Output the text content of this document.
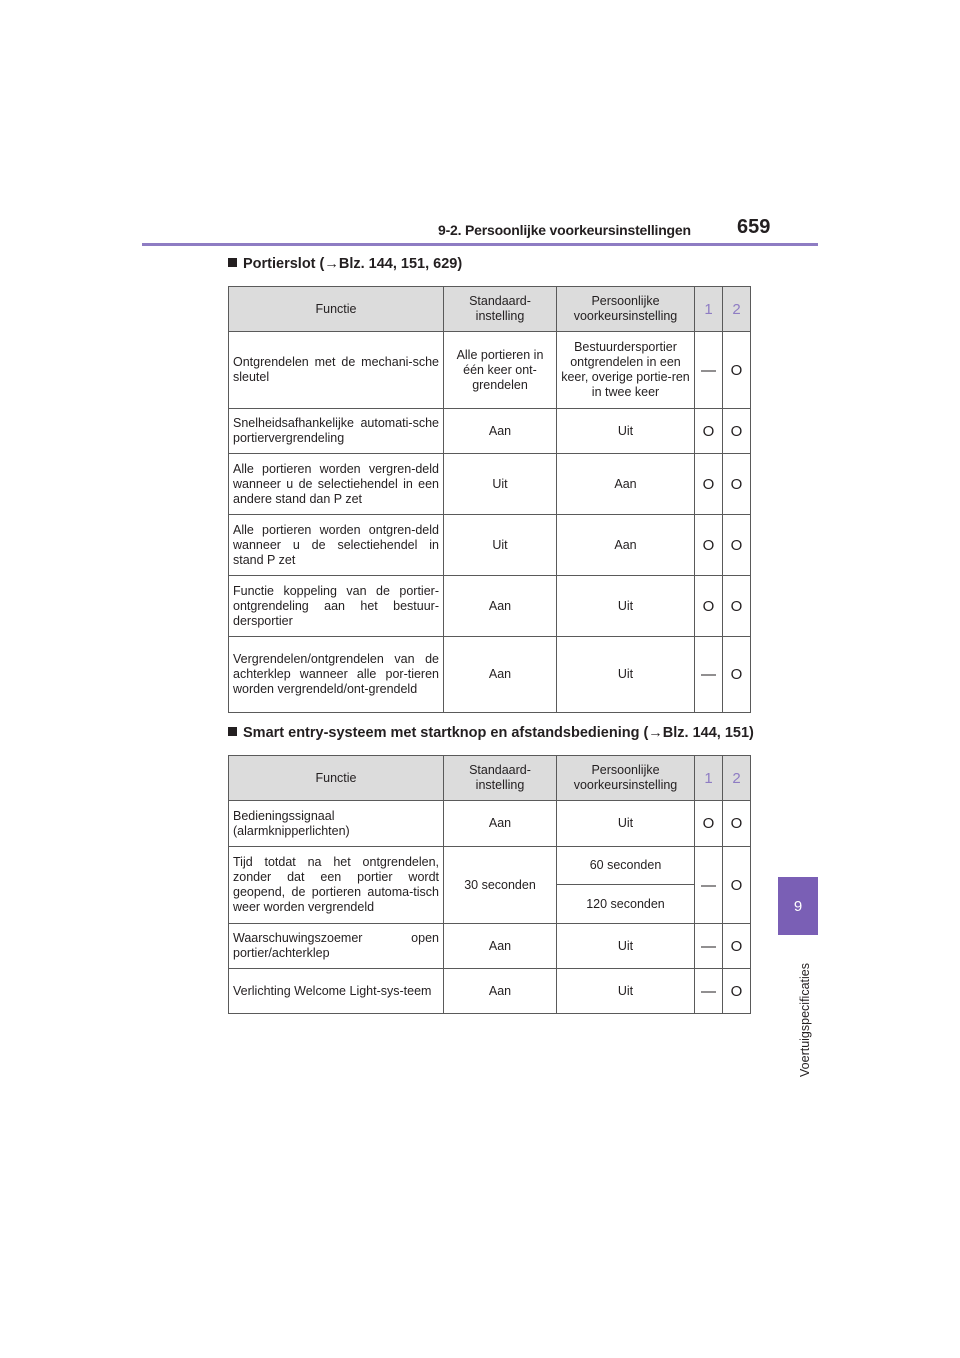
9-2. Persoonlijke voorkeursinstellingen 659
9
Voertuigspecificaties
Portierslot (→Blz. 144, 151, 629)
Functie	Standaard-instelling	Persoonlijke voorkeursinstelling	1	2
Ontgrendelen met de mechani-sche sleutel	Alle portieren in één keer ont-grendelen	Bestuurdersportier ontgrendelen in een keer, overige portie-ren in twee keer	—	O
Snelheidsafhankelijke automati-sche portiervergrendeling	Aan	Uit	O	O
Alle portieren worden vergren-deld wanneer u de selectiehendel in een andere stand dan P zet	Uit	Aan	O	O
Alle portieren worden ontgren-deld wanneer u de selectiehendel in stand P zet	Uit	Aan	O	O
Functie koppeling van de portier-ontgrendeling aan het bestuur-dersportier	Aan	Uit	O	O
Vergrendelen/ontgrendelen van de achterklep wanneer alle por-tieren worden vergrendeld/ont-grendeld	Aan	Uit	—	O
Smart entry-systeem met startknop en afstandsbediening (→Blz. 144, 151)
Functie	Standaard-instelling	Persoonlijke voorkeursinstelling	1	2
Bedieningssignaal (alarmknipperlichten)	Aan	Uit	O	O
Tijd totdat na het ontgrendelen, zonder dat een portier wordt geopend, de portieren automa-tisch weer worden vergrendeld	30 seconden	60 seconden	—	O
		120 seconden		
Waarschuwingszoemer open portier/achterklep	Aan	Uit	—	O
Verlichting Welcome Light-sys-teem	Aan	Uit	—	O
